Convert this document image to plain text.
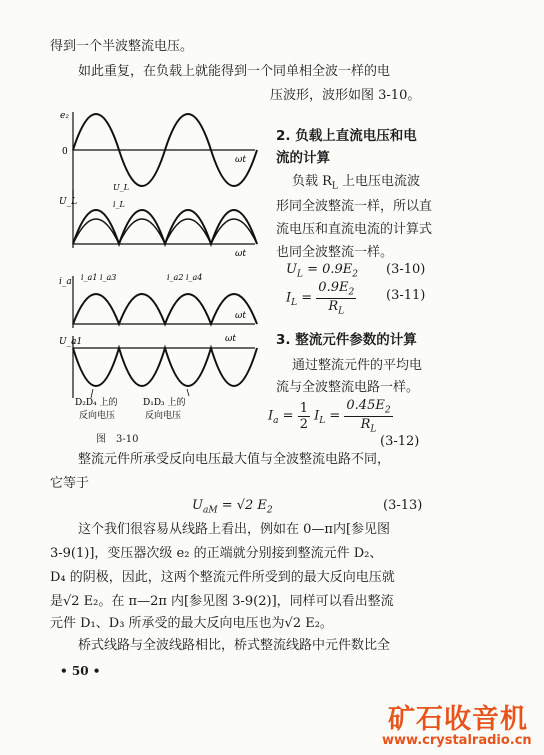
得到一个半波整流电压。
如此重复，在负载上就能得到一个同单相全波一样的电
压波形，波形如图 3-10。
e₂
0
ωt
U_L
U_L
i_L
ωt
i_a i_a1 i_a3	i_a2 i_a4
ωt
U_a1	ωt
D₂D₄ 上的
反向电压
D₁D₃ 上的
反向电压
图　3-10
2. 负载上直流电压和电
流的计算
负载 $R_L$ 上电压电流波
形同全波整流一样，所以直
流电压和直流电流的计算式
也同全波整流一样。
$U_L = 0.9E_2$ (3-10)
$I_L = \frac{0.9E_2}{R_L} (3-11)$
3. 整流元件参数的计算
通过整流元件的平均电
流与全波整流电路一样。
$I_a = \frac{1}{2} I_L = \frac{0.45E_2}{R_L}$
(3-12)
整流元件所承受反向电压最大值与全波整流电路不同，
它等于
$U_{aM} = √2$ $E_2$	(3-13)
这个我们很容易从线路上看出，例如在 0—π内[参见图
3-9(1)]，变压器次级 e₂ 的正端就分别接到整流元件 D₂、
D₄ 的阴极，因此，这两个整流元件所受到的最大反向电压就
是√2 E₂。在 π—2π 内[参见图 3-9(2)]，同样可以看出整流
元件 D₁、D₃ 所承受的最大反向电压也为√2 E₂。
桥式线路与全波线路相比，桥式整流线路中元件数比全
• 50 •
矿石收音机
www.crystalradio.cn
